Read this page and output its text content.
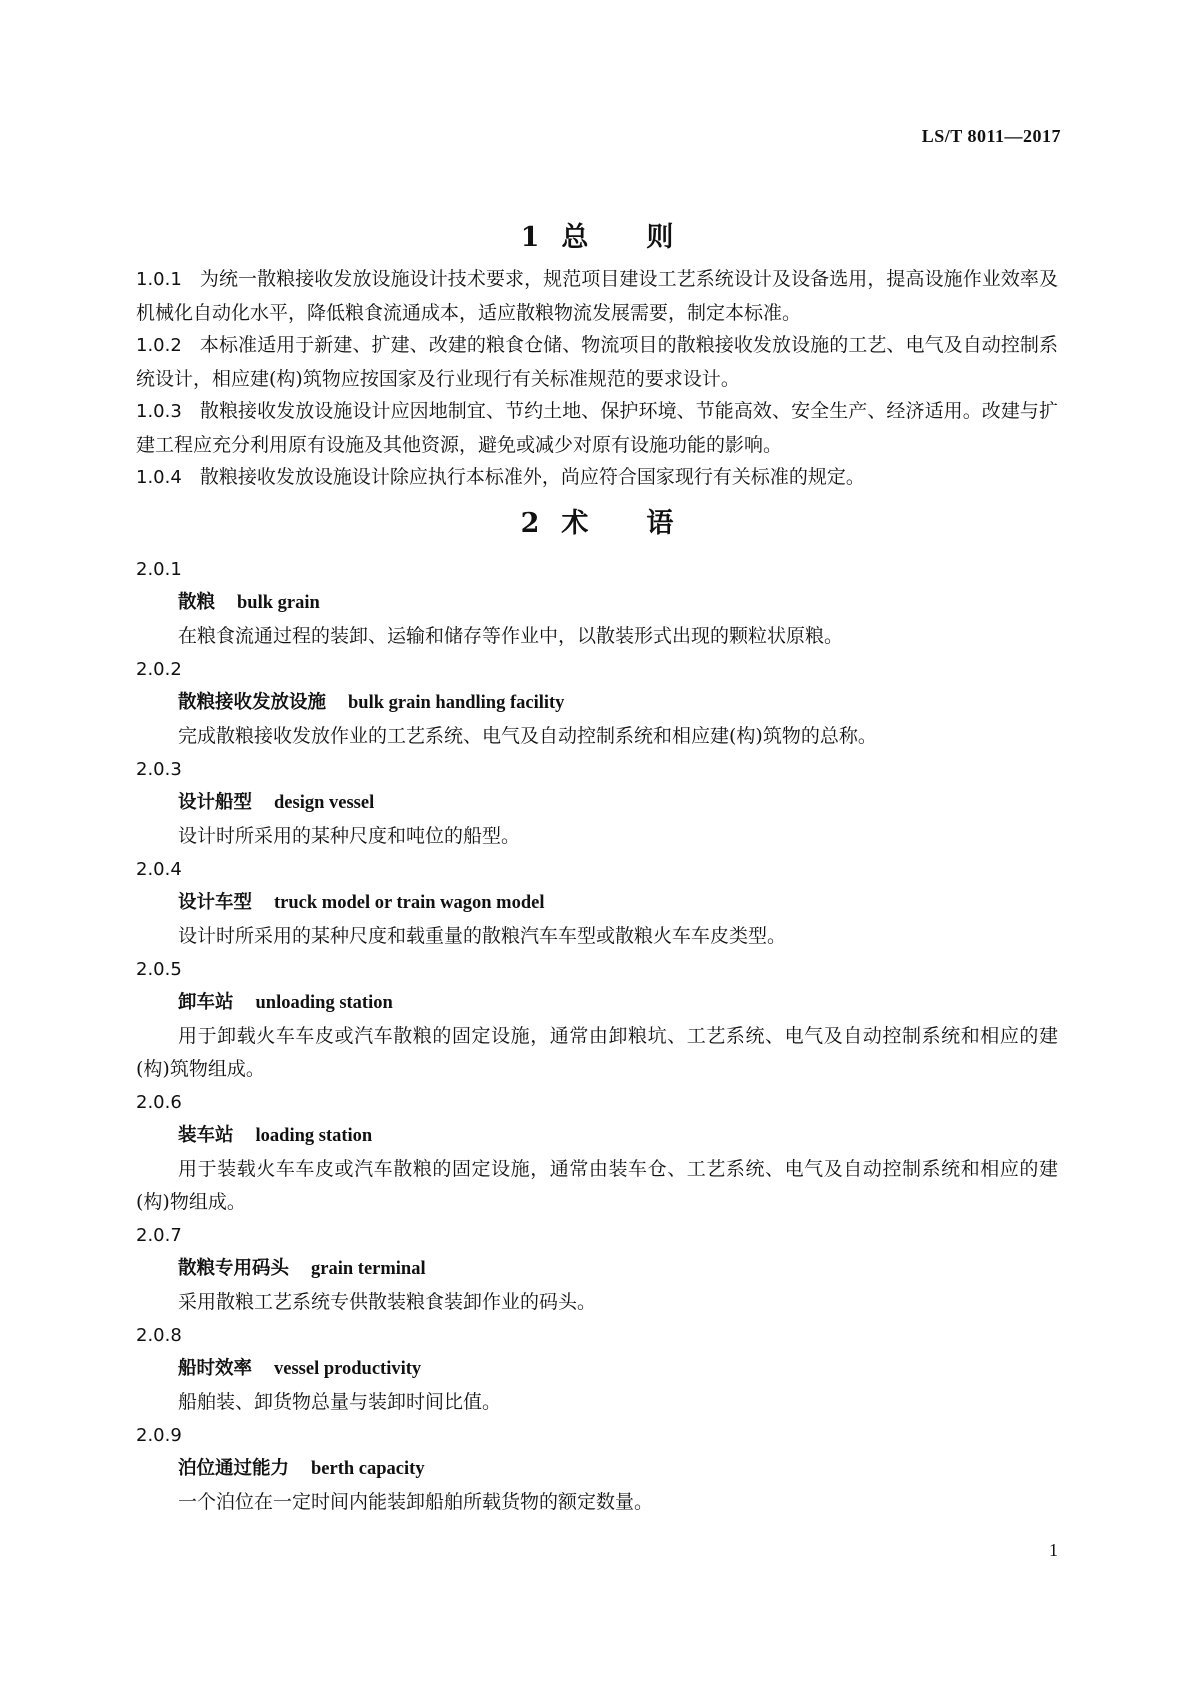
LS/T 8011—2017
1 总 则

1.0.1 为统一散粮接收发放设施设计技术要求，规范项目建设工艺系统设计及设备选用，提高设施作业效率及机械化自动化水平，降低粮食流通成本，适应散粮物流发展需要，制定本标准。

1.0.2 本标准适用于新建、扩建、改建的粮食仓储、物流项目的散粮接收发放设施的工艺、电气及自动控制系统设计，相应建(构)筑物应按国家及行业现行有关标准规范的要求设计。

1.0.3 散粮接收发放设施设计应因地制宜、节约土地、保护环境、节能高效、安全生产、经济适用。改建与扩建工程应充分利用原有设施及其他资源，避免或减少对原有设施功能的影响。

1.0.4 散粮接收发放设施设计除应执行本标准外，尚应符合国家现行有关标准的规定。

2 术 语

2.0.1

散粮 bulk grain

在粮食流通过程的装卸、运输和储存等作业中，以散装形式出现的颗粒状原粮。

2.0.2

散粮接收发放设施 bulk grain handling facility

完成散粮接收发放作业的工艺系统、电气及自动控制系统和相应建(构)筑物的总称。

2.0.3

设计船型 design vessel

设计时所采用的某种尺度和吨位的船型。

2.0.4

设计车型 truck model or train wagon model

设计时所采用的某种尺度和载重量的散粮汽车车型或散粮火车车皮类型。

2.0.5

卸车站 unloading station

用于卸载火车车皮或汽车散粮的固定设施，通常由卸粮坑、工艺系统、电气及自动控制系统和相应的建(构)筑物组成。

2.0.6

装车站 loading station

用于装载火车车皮或汽车散粮的固定设施，通常由装车仓、工艺系统、电气及自动控制系统和相应的建(构)物组成。

2.0.7

散粮专用码头 grain terminal

采用散粮工艺系统专供散装粮食装卸作业的码头。

2.0.8

船时效率 vessel productivity

船舶装、卸货物总量与装卸时间比值。

2.0.9

泊位通过能力 berth capacity

一个泊位在一定时间内能装卸船舶所载货物的额定数量。

1
